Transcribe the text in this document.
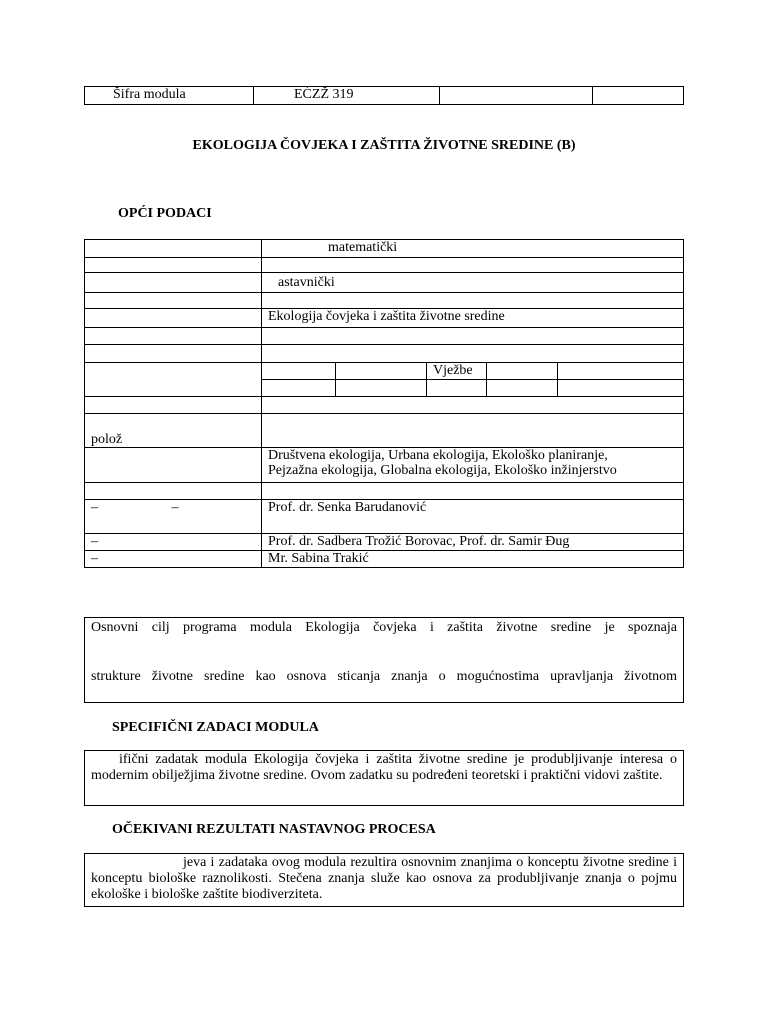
Šifra modula	EĆZŽ 319		
EKOLOGIJA ČOVJEKA I ZAŠTITA ŽIVOTNE SREDINE (B)
OPĆI PODACI
	matematički				

	astavnički				

	Ekologija čovjeka i zaštita životne sredine				

			Vježbe		

polož					

	Društvena ekologija, Urbana ekologija, Ekološko planiranje,
Pejzažna ekologija, Globalna ekologija, Ekološko inžinjerstvo				

– –	Prof. dr. Senka Barudanović				
–	Prof. dr. Sadbera Trožić Borovac, Prof. dr. Samir Đug				
–	Mr. Sabina Trakić				
Osnovni cilj programa modula Ekologija čovjeka i zaštita životne sredine je spoznaja
strukture životne sredine kao osnova sticanja znanja o mogućnostima upravljanja životnom
SPECIFIČNI ZADACI MODULA
ifični zadatak modula Ekologija čovjeka i zaštita životne sredine je produbljivanje interesa o modernim obilježjima životne sredine. Ovom zadatku su podređeni teoretski i praktični vidovi zaštite.
OČEKIVANI REZULTATI NASTAVNOG PROCESA
jeva i zadataka ovog modula rezultira osnovnim znanjima o konceptu životne sredine i konceptu biološke raznolikosti. Stečena znanja služe kao osnova za produbljivanje znanja o pojmu ekološke i biološke zaštite biodiverziteta.
